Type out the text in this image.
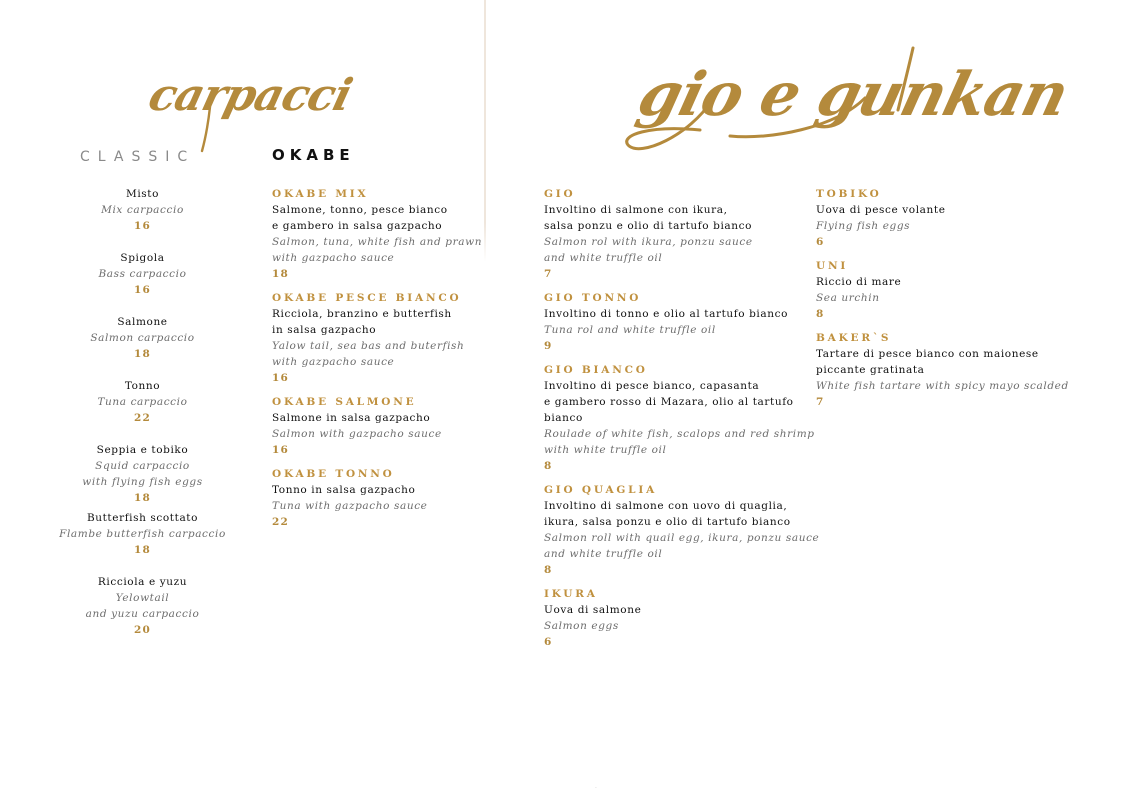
carpacci	gio e gunkan
CLASSIC	OKABE
Misto
Mix carpaccio
16
Spigola
Bass carpaccio
16
Salmone
Salmon carpaccio
18
Tonno
Tuna carpaccio
22
Seppia e tobiko
Squid carpaccio
with flying fish eggs
18
Butterfish scottato
Flambe butterfish carpaccio
18
Ricciola e yuzu
Yelowtail
and yuzu carpaccio
20
OKABE MIX
Salmone, tonno, pesce bianco
e gambero in salsa gazpacho
Salmon, tuna, white fish and prawn
with gazpacho sauce
18
OKABE PESCE BIANCO
Ricciola, branzino e butterfish
in salsa gazpacho
Yalow tail, sea bas and buterfish
with gazpacho sauce
16
OKABE SALMONE
Salmone in salsa gazpacho
Salmon with gazpacho sauce
16
OKABE TONNO
Tonno in salsa gazpacho
Tuna with gazpacho sauce
22
GIO
Involtino di salmone con ikura,
salsa ponzu e olio di tartufo bianco
Salmon rol with ikura, ponzu sauce
and white truffle oil
7
GIO TONNO
Involtino di tonno e olio al tartufo bianco
Tuna rol and white truffle oil
9
GIO BIANCO
Involtino di pesce bianco, capasanta
e gambero rosso di Mazara, olio al tartufo
bianco
Roulade of white fish, scalops and red shrimp
with white truffle oil
8
GIO QUAGLIA
Involtino di salmone con uovo di quaglia,
ikura, salsa ponzu e olio di tartufo bianco
Salmon roll with quail egg, ikura, ponzu sauce
and white truffle oil
8
IKURA
Uova di salmone
Salmon eggs
6
TOBIKO
Uova di pesce volante
Flying fish eggs
6
UNI
Riccio di mare
Sea urchin
8
BAKER`S
Tartare di pesce bianco con maionese
piccante gratinata
White fish tartare with spicy mayo scalded
7
·
